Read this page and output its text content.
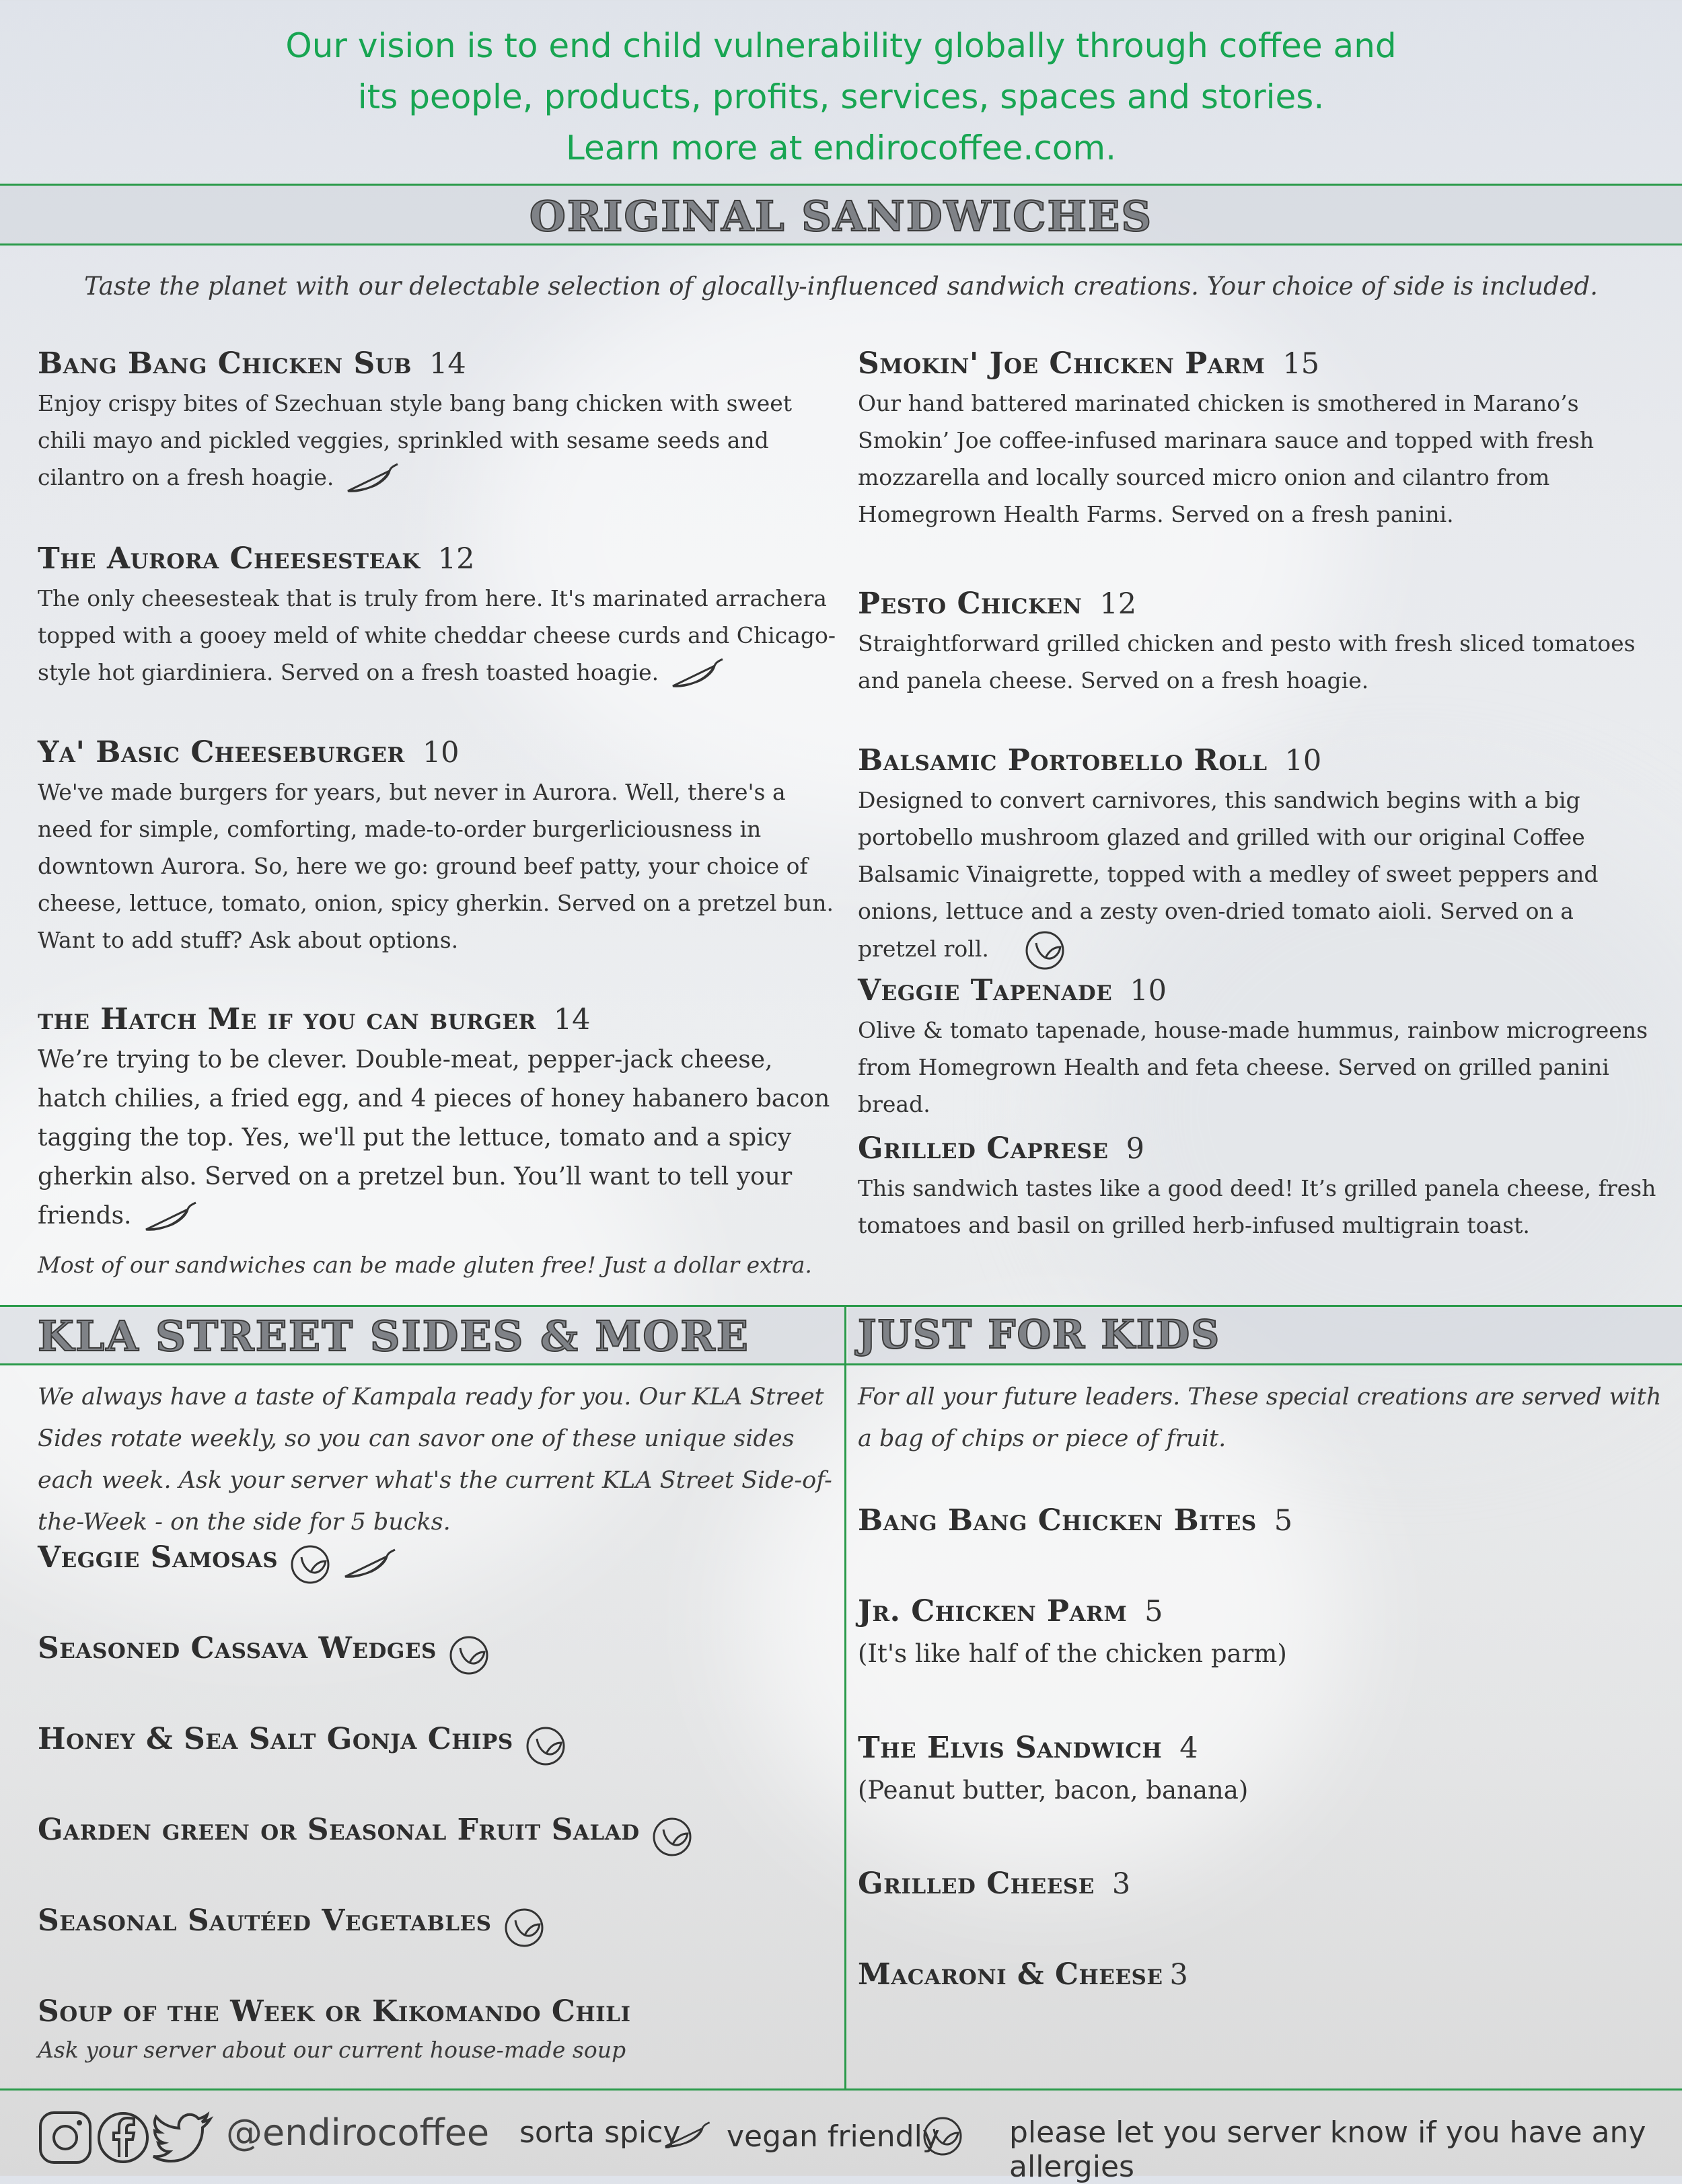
Our vision is to end child vulnerability globally through coffee and
its people, products, profits, services, spaces and stories.
Learn more at endirocoffee.com.
ORIGINAL SANDWICHES
Taste the planet with our delectable selection of glocally-influenced sandwich creations. Your choice of side is included.
Bang Bang Chicken Sub 14
Enjoy crispy bites of Szechuan style bang bang chicken with sweet chili mayo and pickled veggies, sprinkled with sesame seeds and cilantro on a fresh hoagie.
The Aurora Cheesesteak 12
The only cheesesteak that is truly from here. It's marinated arrachera topped with a gooey meld of white cheddar cheese curds and Chicago-style hot giardiniera. Served on a fresh toasted hoagie.
Ya' Basic Cheeseburger 10
We've made burgers for years, but never in Aurora. Well, there's a need for simple, comforting, made-to-order burgerliciousness in downtown Aurora. So, here we go: ground beef patty, your choice of cheese, lettuce, tomato, onion, spicy gherkin. Served on a pretzel bun. Want to add stuff? Ask about options.
the Hatch Me if you can burger 14
We’re trying to be clever. Double-meat, pepper-jack cheese, hatch chilies, a fried egg, and 4 pieces of honey habanero bacon tagging the top. Yes, we'll put the lettuce, tomato and a spicy gherkin also. Served on a pretzel bun. You’ll want to tell your friends.
Most of our sandwiches can be made gluten free! Just a dollar extra.
Smokin' Joe Chicken Parm 15
Our hand battered marinated chicken is smothered in Marano’s Smokin’ Joe coffee-infused marinara sauce and topped with fresh mozzarella and locally sourced micro onion and cilantro from Homegrown Health Farms. Served on a fresh panini.
Pesto Chicken 12
Straightforward grilled chicken and pesto with fresh sliced tomatoes and panela cheese. Served on a fresh hoagie.
Balsamic Portobello Roll 10
Designed to convert carnivores, this sandwich begins with a big portobello mushroom glazed and grilled with our original Coffee Balsamic Vinaigrette, topped with a medley of sweet peppers and onions, lettuce and a zesty oven-dried tomato aioli. Served on a pretzel roll.
Veggie Tapenade 10
Olive & tomato tapenade, house-made hummus, rainbow microgreens from Homegrown Health and feta cheese. Served on grilled panini bread.
Grilled Caprese 9
This sandwich tastes like a good deed! It’s grilled panela cheese, fresh tomatoes and basil on grilled herb-infused multigrain toast.
KLA STREET SIDES & MORE	JUST FOR KIDS
We always have a taste of Kampala ready for you. Our KLA Street Sides rotate weekly, so you can savor one of these unique sides each week. Ask your server what's the current KLA Street Side-of-the-Week - on the side for 5 bucks.
Veggie Samosas
Seasoned Cassava Wedges
Honey & Sea Salt Gonja Chips
Garden green or Seasonal Fruit Salad
Seasonal Sautéed Vegetables
Soup of the Week or Kikomando Chili
Ask your server about our current house-made soup
For all your future leaders. These special creations are served with a bag of chips or piece of fruit.
Bang Bang Chicken Bites 5
Jr. Chicken Parm 5
(It's like half of the chicken parm)
The Elvis Sandwich 4
(Peanut butter, bacon, banana)
Grilled Cheese 3
Macaroni & Cheese 3
@endirocoffee sorta spicy vegan friendly please let you server know if you have any allergies
